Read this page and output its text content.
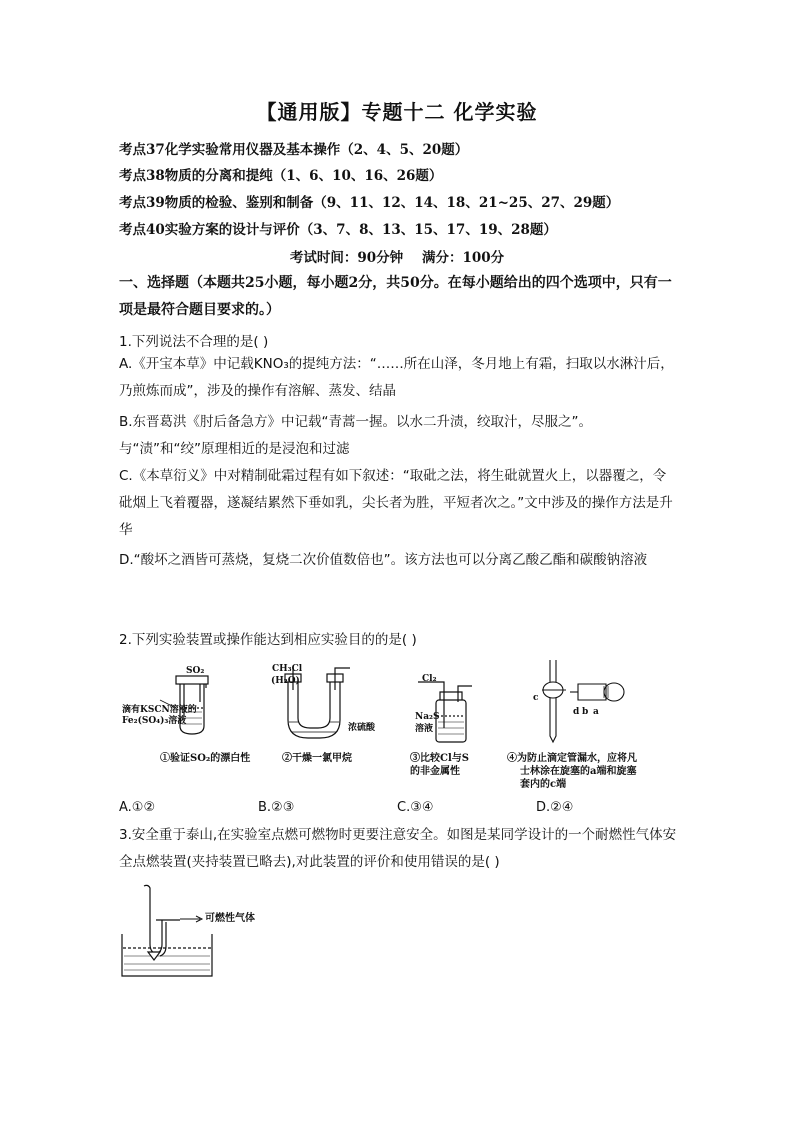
【通用版】专题十二 化学实验
考点37化学实验常用仪器及基本操作（2、4、5、20题）
考点38物质的分离和提纯（1、6、10、16、26题）
考点39物质的检验、鉴别和制备（9、11、12、14、18、21~25、27、29题）
考点40实验方案的设计与评价（3、7、8、13、15、17、19、28题）
考试时间：90分钟    满分：100分
一、选择题（本题共25小题，每小题2分，共50分。在每小题给出的四个选项中，只有一项是最符合题目要求的。）
1.下列说法不合理的是( )
A.《开宝本草》中记载KNO₃的提纯方法：“……所在山泽，冬月地上有霜，扫取以水淋汁后，乃煎炼而成”，涉及的操作有溶解、蒸发、结晶
B.东晋葛洪《肘后备急方》中记载“青蒿一握。以水二升渍，绞取汁，尽服之”。与“渍”和“绞”原理相近的是浸泡和过滤
C.《本草衍义》中对精制砒霜过程有如下叙述：“取砒之法，将生砒就置火上，以器覆之，令砒烟上飞着覆器，遂凝结累然下垂如乳，尖长者为胜，平短者次之。”文中涉及的操作方法是升华
D.“酸坏之酒皆可蒸烧，复烧二次价值数倍也”。该方法也可以分离乙酸乙酯和碳酸钠溶液
2.下列实验装置或操作能达到相应实验目的的是( )
SO₂
滴有KSCN溶液的
Fe₂(SO₄)₃溶液
CH₃Cl
(H₂O)
浓硫酸
Cl₂
Na₂S
溶液
c
d b a
①验证SO₂的漂白性	②干燥一氯甲烷	③比较Cl与S
的非金属性
④为防止滴定管漏水，应将凡
士林涂在旋塞的a端和旋塞
套内的c端
A.①②	B.②③	C.③④	D.②④
3.安全重于泰山,在实验室点燃可燃物时更要注意安全。如图是某同学设计的一个耐燃性气体安全点燃装置(夹持装置已略去),对此装置的评价和使用错误的是( )
可燃性气体
